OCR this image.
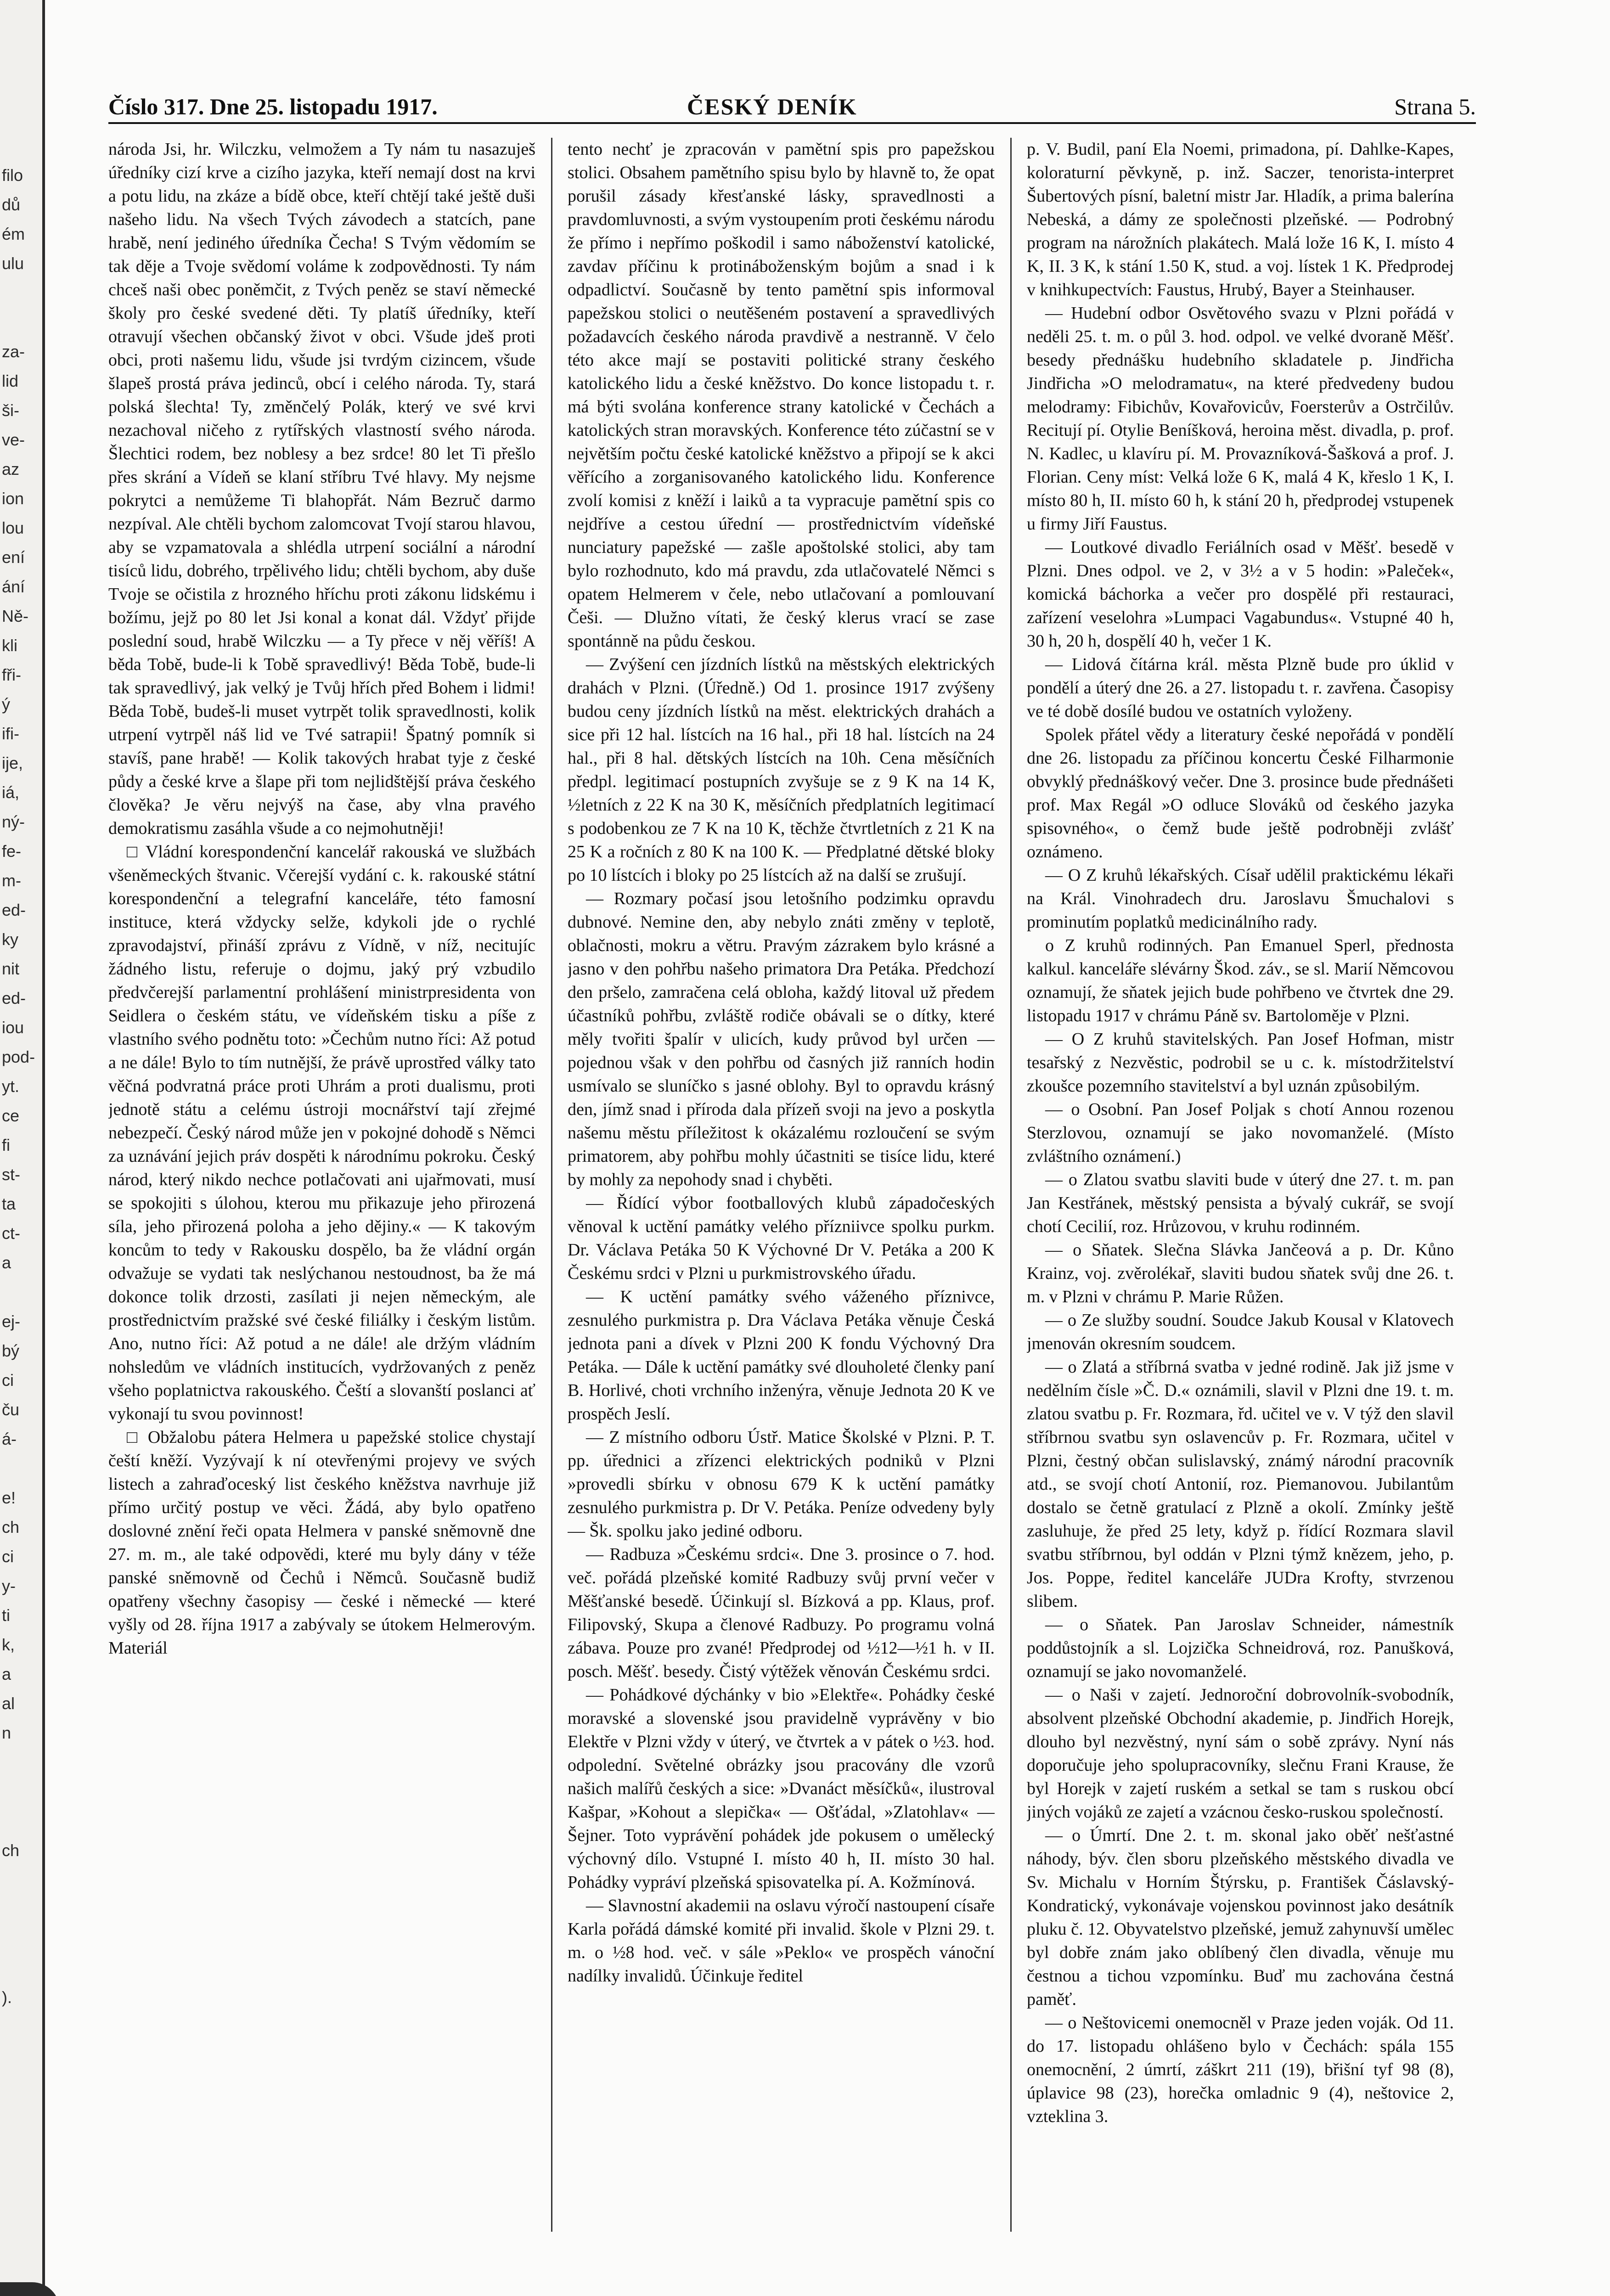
filo
dů
ém
ulu
za-
lid
ši-
ve-
az
ion
lou
ení
ání
Ně-
kli
fři-
ý
ifi-
ije,
iá,
ný-
fe-
m-
ed-
ky
nit
ed-
iou
pod-
yt.
ce
fi
st-
ta
ct-
a
ej-
bý
ci
ču
á-
e!
ch
ci
y-
ti
k,
a
al
n
ch
).
Číslo 317. Dne 25. listopadu 1917.	ČESKÝ DENÍK	Strana 5.

národa Jsi, hr. Wilczku, velmožem a Ty nám tu nasazuješ úředníky cizí krve a cizího jazyka, kteří nemají dost na krvi a potu lidu, na zkáze a bídě obce, kteří chtějí také ještě duši našeho lidu. Na všech Tvých závodech a statcích, pane hrabě, není jediného úředníka Čecha! S Tvým vědomím se tak děje a Tvoje svědomí voláme k zodpovědnosti. Ty nám chceš naši obec poněmčit, z Tvých peněz se staví německé školy pro české svedené děti. Ty platíš úředníky, kteří otravují všechen občanský život v obci. Všude jdeš proti obci, proti našemu lidu, všude jsi tvrdým cizincem, všude šlapeš prostá práva jedinců, obcí i celého národa. Ty, stará polská šlechta! Ty, změnčelý Polák, který ve své krvi nezachoval ničeho z rytířských vlastností svého národa. Šlechtici rodem, bez noblesy a bez srdce! 80 let Ti přešlo přes skrání a Vídeň se klaní stříbru Tvé hlavy. My nejsme pokrytci a nemůžeme Ti blahopřát. Nám Bezruč darmo nezpíval. Ale chtěli bychom zalomcovat Tvojí starou hlavou, aby se vzpamatovala a shlédla utrpení sociální a národní tisíců lidu, dobrého, trpělivého lidu; chtěli bychom, aby duše Tvoje se očistila z hrozného hříchu proti zákonu lidskému i božímu, jejž po 80 let Jsi konal a konat dál. Vždyť přijde poslední soud, hrabě Wilczku — a Ty přece v něj věříš! A běda Tobě, bude-li k Tobě spravedlivý! Běda Tobě, bude-li tak spravedlivý, jak velký je Tvůj hřích před Bohem i lidmi! Běda Tobě, budeš-li muset vytrpět tolik spravedlnosti, kolik utrpení vytrpěl náš lid ve Tvé satrapii! Špatný pomník si stavíš, pane hrabě! — Kolik takových hrabat tyje z české půdy a české krve a šlape při tom nejlidštější práva českého člověka? Je věru nejvýš na čase, aby vlna pravého demokratismu zasáhla všude a co nejmohutněji!

□ Vládní korespondenční kancelář rakouská ve službách všeněmeckých štvanic. Včerejší vydání c. k. rakouské státní korespondenční a telegrafní kanceláře, této famosní instituce, která vždycky selže, kdykoli jde o rychlé zpravodajství, přináší zprávu z Vídně, v níž, necitujíc žádného listu, referuje o dojmu, jaký prý vzbudilo předvčerejší parlamentní prohlášení ministrpresidenta von Seidlera o českém státu, ve vídeňském tisku a píše z vlastního svého podnětu toto: »Čechům nutno říci: Až potud a ne dále! Bylo to tím nutnější, že právě uprostřed války tato věčná podvratná práce proti Uhrám a proti dualismu, proti jednotě státu a celému ústroji mocnářství tají zřejmé nebezpečí. Český národ může jen v pokojné dohodě s Němci za uznávání jejich práv dospěti k národnímu pokroku. Český národ, který nikdo nechce potlačovati ani ujařmovati, musí se spokojiti s úlohou, kterou mu přikazuje jeho přirozená síla, jeho přirozená poloha a jeho dějiny.« — K takovým koncům to tedy v Rakousku dospělo, ba že vládní orgán odvažuje se vydati tak neslýchanou nestoudnost, ba že má dokonce tolik drzosti, zasílati ji nejen německým, ale prostřednictvím pražské své české filiálky i českým listům. Ano, nutno říci: Až potud a ne dále! ale držým vládním nohsledům ve vládních institucích, vydržovaných z peněz všeho poplatnictva rakouského. Čeští a slovanští poslanci ať vykonají tu svou povinnost!

□ Obžalobu pátera Helmera u papežské stolice chystají čeští kněží. Vyzývají k ní otevřenými projevy ve svých listech a zahraďoceský list českého kněžstva navrhuje již přímo určitý postup ve věci. Žádá, aby bylo opatřeno doslovné znění řeči opata Helmera v panské sněmovně dne 27. m. m., ale také odpovědi, které mu byly dány v téže panské sněmovně od Čechů i Němců. Současně budiž opatřeny všechny časopisy — české i německé — které vyšly od 28. října 1917 a zabývaly se útokem Helmerovým. Materiál

tento nechť je zpracován v pamětní spis pro papežskou stolici. Obsahem pamětního spisu bylo by hlavně to, že opat porušil zásady křesťanské lásky, spravedlnosti a pravdomluvnosti, a svým vystoupením proti českému národu že přímo i nepřímo poškodil i samo náboženství katolické, zavdav příčinu k protináboženským bojům a snad i k odpadlictví. Současně by tento pamětní spis informoval papežskou stolici o neutěšeném postavení a spravedlivých požadavcích českého národa pravdivě a nestranně. V čelo této akce mají se postaviti politické strany českého katolického lidu a české kněžstvo. Do konce listopadu t. r. má býti svolána konference strany katolické v Čechách a katolických stran moravských. Konference této zúčastní se v největším počtu české katolické kněžstvo a připojí se k akci věřícího a zorganisovaného katolického lidu. Konference zvolí komisi z kněží i laiků a ta vypracuje pamětní spis co nejdříve a cestou úřední — prostřednictvím vídeňské nunciatury papežské — zašle apoštolské stolici, aby tam bylo rozhodnuto, kdo má pravdu, zda utlačovatelé Němci s opatem Helmerem v čele, nebo utlačovaní a pomlouvaní Češi. — Dlužno vítati, že český klerus vrací se zase spontánně na půdu českou.

— Zvýšení cen jízdních lístků na městských elektrických drahách v Plzni. (Úředně.) Od 1. prosince 1917 zvýšeny budou ceny jízdních lístků na měst. elektrických drahách a sice při 12 hal. lístcích na 16 hal., při 18 hal. lístcích na 24 hal., při 8 hal. dětských lístcích na 10h. Cena měsíčních předpl. legitimací postupních zvyšuje se z 9 K na 14 K, ½letních z 22 K na 30 K, měsíčních předplatních legitimací s podobenkou ze 7 K na 10 K, těchže čtvrtletních z 21 K na 25 K a ročních z 80 K na 100 K. — Předplatné dětské bloky po 10 lístcích i bloky po 25 lístcích až na další se zrušují.

— Rozmary počasí jsou letošního podzimku opravdu dubnové. Nemine den, aby nebylo znáti změny v teplotě, oblačnosti, mokru a větru. Pravým zázrakem bylo krásné a jasno v den pohřbu našeho primatora Dra Petáka. Předchozí den pršelo, zamračena celá obloha, každý litoval už předem účastníků pohřbu, zvláště rodiče obávali se o dítky, které měly tvořiti špalír v ulicích, kudy průvod byl určen — pojednou však v den pohřbu od časných již ranních hodin usmívalo se sluníčko s jasné oblohy. Byl to opravdu krásný den, jímž snad i příroda dala přízeň svoji na jevo a poskytla našemu městu příležitost k okázalému rozloučení se svým primatorem, aby pohřbu mohly účastniti se tisíce lidu, které by mohly za nepohody snad i chyběti.

— Řídící výbor footballových klubů západočeských věnoval k uctění památky velého přízniivce spolku purkm. Dr. Václava Petáka 50 K Výchovné Dr V. Petáka a 200 K Českému srdci v Plzni u purkmistrovského úřadu.

— K uctění památky svého váženého příznivce, zesnulého purkmistra p. Dra Václava Petáka věnuje Česká jednota pani a dívek v Plzni 200 K fondu Výchovný Dra Petáka. — Dále k uctění památky své dlouholeté členky paní B. Horlivé, choti vrchního inženýra, věnuje Jednota 20 K ve prospěch Jeslí.

— Z místního odboru Ústř. Matice Školské v Plzni. P. T. pp. úřednici a zřízenci elektrických podniků v Plzni »provedli sbírku v obnosu 679 K k uctění památky zesnulého purkmistra p. Dr V. Petáka. Peníze odvedeny byly — Šk. spolku jako jediné odboru.

— Radbuza »Českému srdci«. Dne 3. prosince o 7. hod. več. pořádá plzeňské komité Radbuzy svůj první večer v Měšťanské besedě. Účinkují sl. Bízková a pp. Klaus, prof. Filipovský, Skupa a členové Radbuzy. Po programu volná zábava. Pouze pro zvané! Předprodej od ½12—½1 h. v II. posch. Měšť. besedy. Čistý výtěžek věnován Českému srdci.

— Pohádkové dýchánky v bio »Elektře«. Pohádky české moravské a slovenské jsou pravidelně vyprávěny v bio Elektře v Plzni vždy v úterý, ve čtvrtek a v pátek o ½3. hod. odpolední. Světelné obrázky jsou pracovány dle vzorů našich malířů českých a sice: »Dvanáct měsíčků«, ilustroval Kašpar, »Kohout a slepička« — Ošťádal, »Zlatohlav« — Šejner. Toto vyprávění pohádek jde pokusem o umělecký výchovný dílo. Vstupné I. místo 40 h, II. místo 30 hal. Pohádky vypráví plzeňská spisovatelka pí. A. Kožmínová.

— Slavnostní akademii na oslavu výročí nastoupení císaře Karla pořádá dámské komité při invalid. škole v Plzni 29. t. m. o ½8 hod. več. v sále »Peklo« ve prospěch vánoční nadílky invalidů. Účinkuje ředitel

p. V. Budil, paní Ela Noemi, primadona, pí. Dahlke-Kapes, koloraturní pěvkyně, p. inž. Saczer, tenorista-interpret Šubertových písní, baletní mistr Jar. Hladík, a prima balerína Nebeská, a dámy ze společnosti plzeňské. — Podrobný program na nárožních plakátech. Malá lože 16 K, I. místo 4 K, II. 3 K, k stání 1.50 K, stud. a voj. lístek 1 K. Předprodej v knihkupectvích: Faustus, Hrubý, Bayer a Steinhauser.

— Hudební odbor Osvětového svazu v Plzni pořádá v neděli 25. t. m. o půl 3. hod. odpol. ve velké dvoraně Měšť. besedy přednášku hudebního skladatele p. Jindřicha Jindřicha »O melodramatu«, na které předvedeny budou melodramy: Fibichův, Kovařovicův, Foersterův a Ostrčilův. Recitují pí. Otylie Beníšková, heroina měst. divadla, p. prof. N. Kadlec, u klavíru pí. M. Provazníková-Šašková a prof. J. Florian. Ceny míst: Velká lože 6 K, malá 4 K, křeslo 1 K, I. místo 80 h, II. místo 60 h, k stání 20 h, předprodej vstupenek u firmy Jiří Faustus.

— Loutkové divadlo Feriálních osad v Měšť. besedě v Plzni. Dnes odpol. ve 2, v 3½ a v 5 hodin: »Paleček«, komická báchorka a večer pro dospělé při restauraci, zařízení veselohra »Lumpaci Vagabundus«. Vstupné 40 h, 30 h, 20 h, dospělí 40 h, večer 1 K.

— Lidová čítárna král. města Plzně bude pro úklid v pondělí a úterý dne 26. a 27. listopadu t. r. zavřena. Časopisy ve té době dosílé budou ve ostatních vyloženy.

Spolek přátel vědy a literatury české nepořádá v pondělí dne 26. listopadu za příčinou koncertu České Filharmonie obvyklý přednáškový večer. Dne 3. prosince bude přednášeti prof. Max Regál »O odluce Slováků od českého jazyka spisovného«, o čemž bude ještě podrobněji zvlášť oznámeno.

— O Z kruhů lékařských. Císař udělil praktickému lékaři na Král. Vinohradech dru. Jaroslavu Šmuchalovi s prominutím poplatků medicinálního rady.

o Z kruhů rodinných. Pan Emanuel Sperl, přednosta kalkul. kanceláře slévárny Škod. záv., se sl. Marií Němcovou oznamují, že sňatek jejich bude pohřbeno ve čtvrtek dne 29. listopadu 1917 v chrámu Páně sv. Bartoloměje v Plzni.

— O Z kruhů stavitelských. Pan Josef Hofman, mistr tesařský z Nezvěstic, podrobil se u c. k. místodržitelství zkoušce pozemního stavitelství a byl uznán způsobilým.

— o Osobní. Pan Josef Poljak s chotí Annou rozenou Sterzlovou, oznamují se jako novomanželé. (Místo zvláštního oznámení.)

— o Zlatou svatbu slaviti bude v úterý dne 27. t. m. pan Jan Kestřánek, městský pensista a bývalý cukrář, se svojí chotí Cecilií, roz. Hrůzovou, v kruhu rodinném.

— o Sňatek. Slečna Slávka Jančeová a p. Dr. Kůno Krainz, voj. zvěrolékař, slaviti budou sňatek svůj dne 26. t. m. v Plzni v chrámu P. Marie Růžen.

— o Ze služby soudní. Soudce Jakub Kousal v Klatovech jmenován okresním soudcem.

— o Zlatá a stříbrná svatba v jedné rodině. Jak již jsme v nedělním čísle »Č. D.« oznámili, slavil v Plzni dne 19. t. m. zlatou svatbu p. Fr. Rozmara, řd. učitel ve v. V týž den slavil stříbrnou svatbu syn oslavencův p. Fr. Rozmara, učitel v Plzni, čestný občan sulislavský, známý národní pracovník atd., se svojí chotí Antonií, roz. Piemanovou. Jubilantům dostalo se četně gratulací z Plzně a okolí. Zmínky ještě zasluhuje, že před 25 lety, když p. řídící Rozmara slavil svatbu stříbrnou, byl oddán v Plzni týmž knězem, jeho, p. Jos. Poppe, ředitel kanceláře JUDra Krofty, stvrzenou slibem.

— o Sňatek. Pan Jaroslav Schneider, námestník poddůstojník a sl. Lojzička Schneidrová, roz. Panušková, oznamují se jako novomanželé.

— o Naši v zajetí. Jednoroční dobrovolník-svobodník, absolvent plzeňské Obchodní akademie, p. Jindřich Horejk, dlouho byl nezvěstný, nyní sám o sobě zprávy. Nyní nás doporučuje jeho spolupracovníky, slečnu Frani Krause, že byl Horejk v zajetí ruském a setkal se tam s ruskou obcí jiných vojáků ze zajetí a vzácnou česko-ruskou společností.

— o Úmrtí. Dne 2. t. m. skonal jako oběť nešťastné náhody, býv. člen sboru plzeňského městského divadla ve Sv. Michalu v Horním Štýrsku, p. František Čáslavský-Kondratický, vykonávaje vojenskou povinnost jako desátník pluku č. 12. Obyvatelstvo plzeňské, jemuž zahynuvší umělec byl dobře znám jako oblíbený člen divadla, věnuje mu čestnou a tichou vzpomínku. Buď mu zachována čestná paměť.

— o Neštovicemi onemocněl v Praze jeden voják. Od 11. do 17. listopadu ohlášeno bylo v Čechách: spála 155 onemocnění, 2 úmrtí, záškrt 211 (19), břišní tyf 98 (8), úplavice 98 (23), horečka omladnic 9 (4), neštovice 2, vzteklina 3.
